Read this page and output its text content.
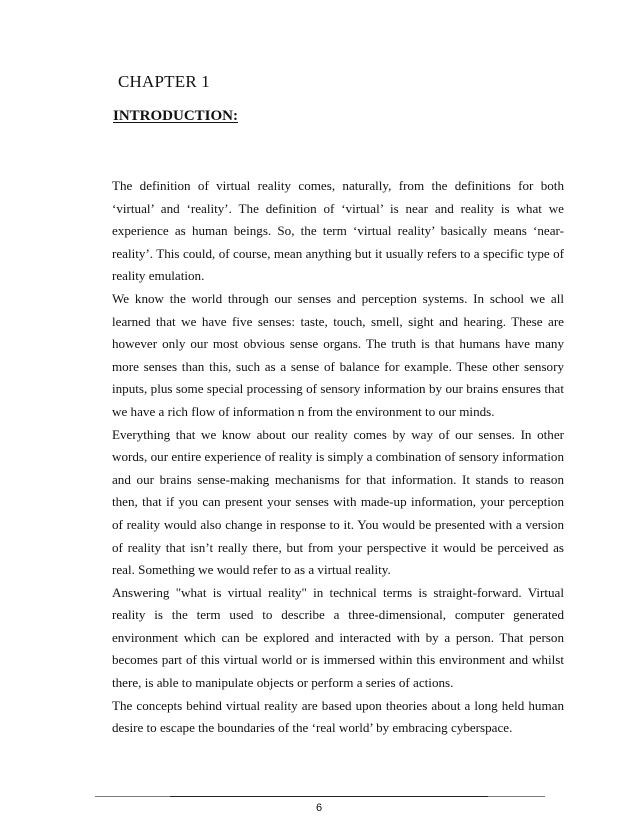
CHAPTER 1
INTRODUCTION:

The definition of virtual reality comes, naturally, from the definitions for both ‘virtual’ and ‘reality’. The definition of ‘virtual’ is near and reality is what we experience as human beings. So, the term ‘virtual reality’ basically means ‘near-reality’. This could, of course, mean anything but it usually refers to a specific type of reality emulation.

We know the world through our senses and perception systems. In school we all learned that we have five senses: taste, touch, smell, sight and hearing. These are however only our most obvious sense organs. The truth is that humans have many more senses than this, such as a sense of balance for example. These other sensory inputs, plus some special processing of sensory information by our brains ensures that we have a rich flow of information n from the environment to our minds.

Everything that we know about our reality comes by way of our senses. In other words, our entire experience of reality is simply a combination of sensory information and our brains sense-making mechanisms for that information. It stands to reason then, that if you can present your senses with made-up information, your perception of reality would also change in response to it. You would be presented with a version of reality that isn’t really there, but from your perspective it would be perceived as real. Something we would refer to as a virtual reality.

Answering "what is virtual reality" in technical terms is straight-forward. Virtual reality is the term used to describe a three-dimensional, computer generated environment which can be explored and interacted with by a person. That person becomes part of this virtual world or is immersed within this environment and whilst there, is able to manipulate objects or perform a series of actions.

The concepts behind virtual reality are based upon theories about a long held human desire to escape the boundaries of the ‘real world’ by embracing cyberspace.

6
